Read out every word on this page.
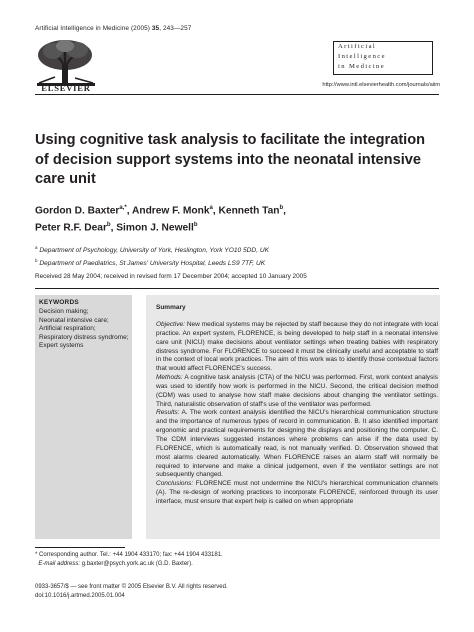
Artificial Intelligence in Medicine (2005) 35, 243—257
ELSEVIER
Artificial
Intelligence
in Medicine
http://www.intl.elsevierhealth.com/journals/aiim
Using cognitive task analysis to facilitate the integration of decision support systems into the neonatal intensive care unit
Gordon D. Baxter$^{a,*}$, Andrew F. Monk$^a$, Kenneth Tan$^b$,
Peter R.F. Dear$^b$, Simon J. Newell$^b$
$^a$ Department of Psychology, University of York, Heslington, York YO10 5DD, UK
$^b$ Department of Paediatrics, St James' University Hospital, Leeds LS9 7TF, UK
Received 28 May 2004; received in revised form 17 December 2004; accepted 10 January 2005
KEYWORDS
Decision making;
Neonatal intensive care;
Artificial respiration;
Respiratory distress syndrome;
Expert systems
Summary

Objective: New medical systems may be rejected by staff because they do not integrate with local practice. An expert system, FLORENCE, is being developed to help staff in a neonatal intensive care unit (NICU) make decisions about ventilator settings when treating babies with respiratory distress syndrome. For FLORENCE to succeed it must be clinically useful and acceptable to staff in the context of local work practices. The aim of this work was to identify those contextual factors that would affect FLORENCE's success.

Methods: A cognitive task analysis (CTA) of the NICU was performed. First, work context analysis was used to identify how work is performed in the NICU. Second, the critical decision method (CDM) was used to analyse how staff make decisions about changing the ventilator settings. Third, naturalistic observation of staff's use of the ventilator was performed.

Results: A. The work context analysis identified the NICU's hierarchical communication structure and the importance of numerous types of record in communication. B. It also identified important ergonomic and practical requirements for designing the displays and positioning the computer. C. The CDM interviews suggested instances where problems can arise if the data used by FLORENCE, which is automatically read, is not manually verified. D. Observation showed that most alarms cleared automatically. When FLORENCE raises an alarm staff will normally be required to intervene and make a clinical judgement, even if the ventilator settings are not subsequently changed.

Conclusions: FLORENCE must not undermine the NICU's hierarchical communication channels (A). The re-design of working practices to incorporate FLORENCE, reinforced through its user interface, must ensure that expert help is called on when appropriate

* Corresponding author. Tel.: +44 1904 433170; fax: +44 1904 433181.
E-mail address: g.baxter@psych.york.ac.uk (G.D. Baxter).
0933-3657/$ — see front matter © 2005 Elsevier B.V. All rights reserved.
doi:10.1016/j.artmed.2005.01.004
